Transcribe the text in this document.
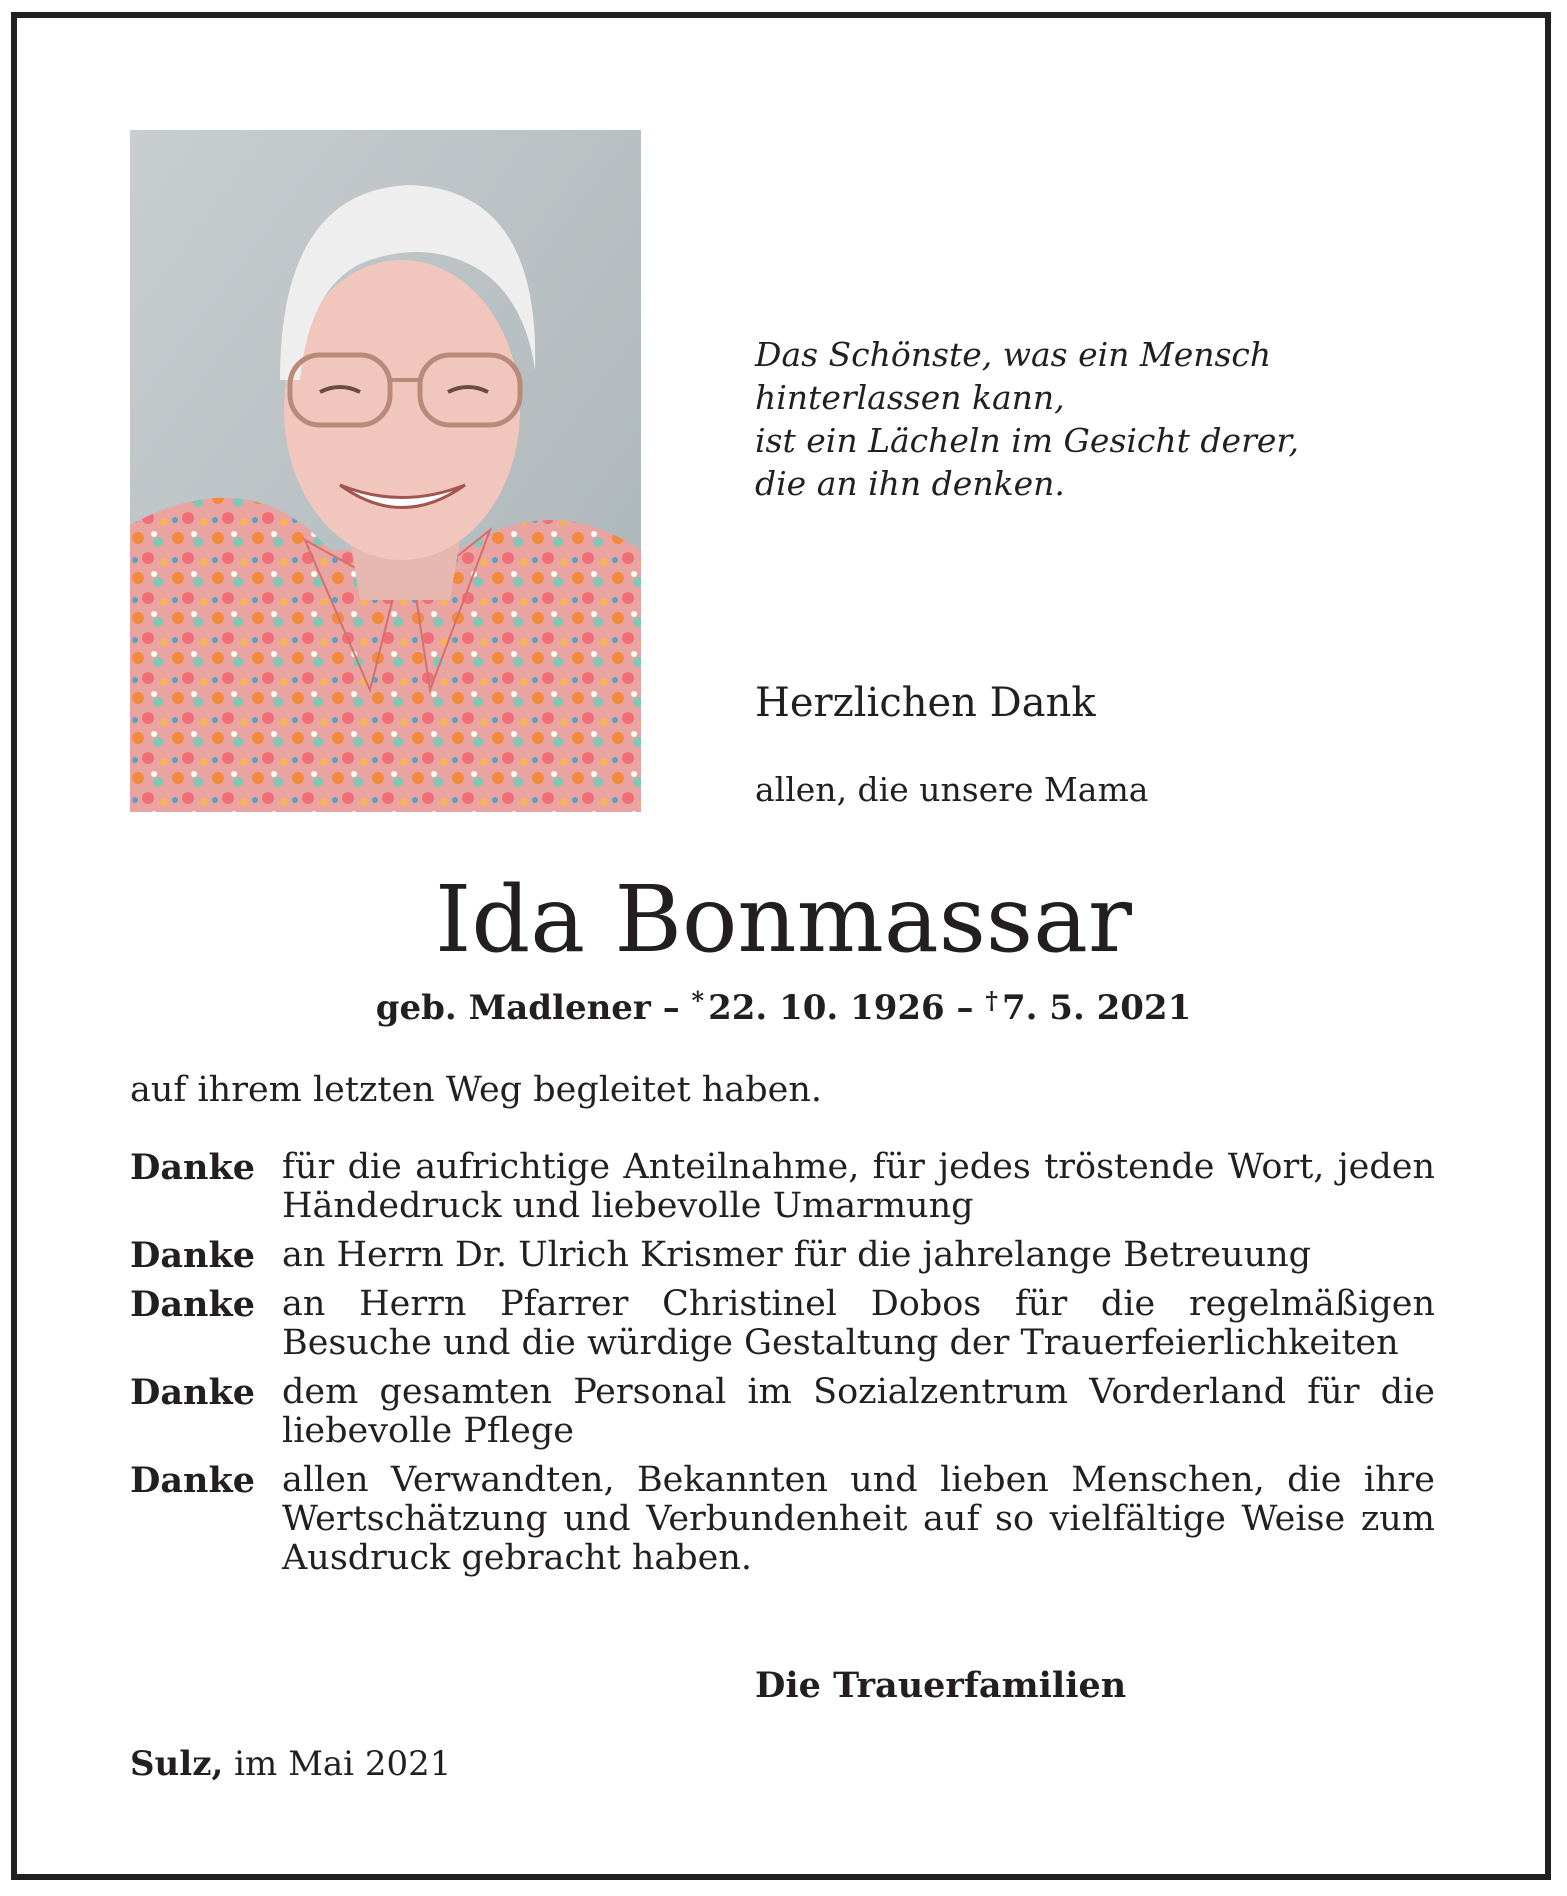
Das Schönste, was ein Mensch
hinterlassen kann,
ist ein Lächeln im Gesicht derer,
die an ihn denken.
Herzlichen Dank
allen, die unsere Mama
Ida Bonmassar
geb. Madlener – * 22. 10. 1926 – † 7. 5. 2021
auf ihrem letzten Weg begleitet haben.
Danke für die aufrichtige Anteilnahme, für jedes tröstende Wort, jeden Händedruck und liebevolle Umarmung
Danke an Herrn Dr. Ulrich Krismer für die jahrelange Betreuung
Danke an Herrn Pfarrer Christinel Dobos für die regelmäßigen Besuche und die würdige Gestaltung der Trauerfeierlichkeiten
Danke dem gesamten Personal im Sozialzentrum Vorderland für die liebevolle Pflege
Danke allen Verwandten, Bekannten und lieben Menschen, die ihre Wertschätzung und Verbundenheit auf so vielfältige Weise zum Ausdruck gebracht haben.
Die Trauerfamilien
Sulz, im Mai 2021
